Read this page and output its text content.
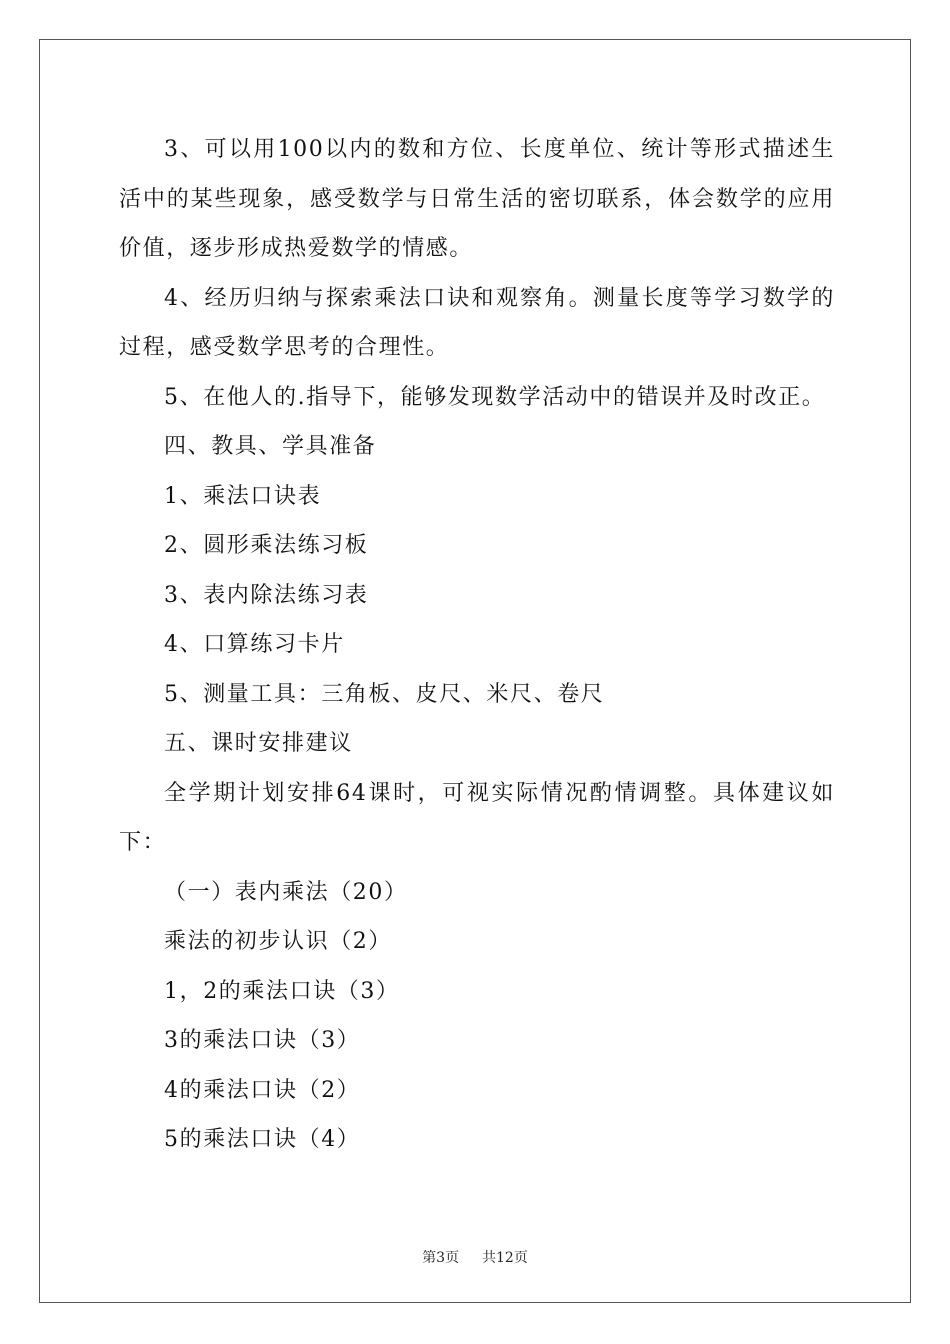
3、可以用100以内的数和方位、长度单位、统计等形式描述生活中的某些现象，感受数学与日常生活的密切联系，体会数学的应用价值，逐步形成热爱数学的情感。

4、经历归纳与探索乘法口诀和观察角。测量长度等学习数学的过程，感受数学思考的合理性。

5、在他人的.指导下，能够发现数学活动中的错误并及时改正。

四、教具、学具准备

1、乘法口诀表

2、圆形乘法练习板

3、表内除法练习表

4、口算练习卡片

5、测量工具：三角板、皮尺、米尺、卷尺

五、课时安排建议

全学期计划安排64课时，可视实际情况酌情调整。具体建议如下：

（一）表内乘法（20）

乘法的初步认识（2）

1，2的乘法口诀（3）

3的乘法口诀（3）

4的乘法口诀（2）

5的乘法口诀（4）

第3页 共12页
